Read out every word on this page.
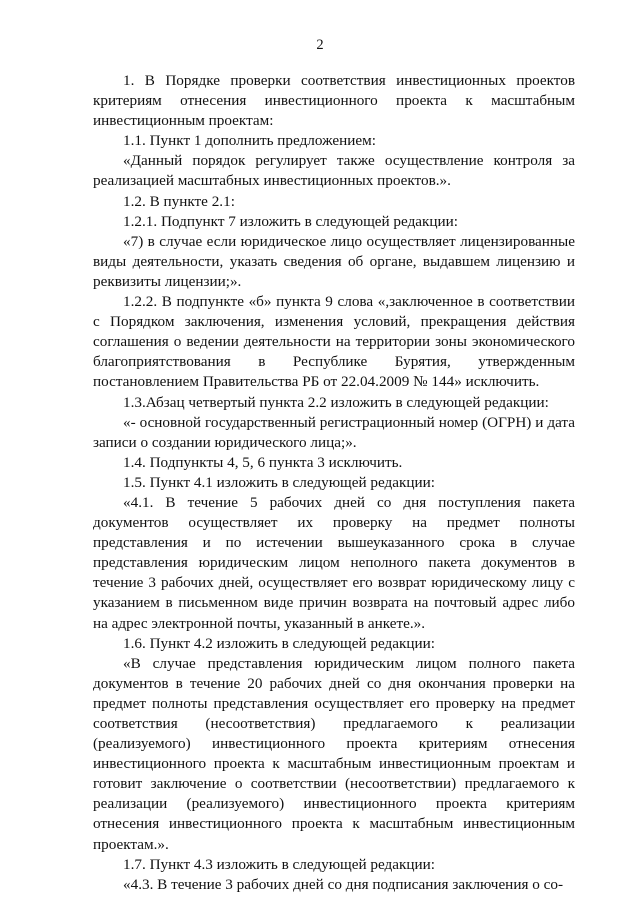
2

1. В Порядке проверки соответствия инвестиционных проектов критериям отнесения инвестиционного проекта к масштабным инвестиционным проектам:

1.1. Пункт 1 дополнить предложением:

«Данный порядок регулирует также осуществление контроля за реализацией масштабных инвестиционных проектов.».

1.2. В пункте 2.1:

1.2.1. Подпункт 7 изложить в следующей редакции:

«7) в случае если юридическое лицо осуществляет лицензированные виды деятельности, указать сведения об органе, выдавшем лицензию и реквизиты лицензии;».

1.2.2. В подпункте «б» пункта 9 слова «,заключенное в соответствии с Порядком заключения, изменения условий, прекращения действия соглашения о ведении деятельности на территории зоны экономического благоприятствования в Республике Бурятия, утвержденным постановлением Правительства РБ от 22.04.2009 № 144» исключить.

1.3.Абзац четвертый пункта 2.2 изложить в следующей редакции:

«- основной государственный регистрационный номер (ОГРН) и дата записи о создании юридического лица;».

1.4. Подпункты 4, 5, 6 пункта 3 исключить.

1.5. Пункт 4.1 изложить в следующей редакции:

«4.1. В течение 5 рабочих дней со дня поступления пакета документов осуществляет их проверку на предмет полноты представления и по истечении вышеуказанного срока в случае представления юридическим лицом неполного пакета документов в течение 3 рабочих дней, осуществляет его возврат юридическому лицу с указанием в письменном виде причин возврата на почтовый адрес либо на адрес электронной почты, указанный в анкете.».

1.6. Пункт 4.2 изложить в следующей редакции:

«В случае представления юридическим лицом полного пакета документов в течение 20 рабочих дней со дня окончания проверки на предмет полноты представления осуществляет его проверку на предмет соответствия (несоответствия) предлагаемого к реализации (реализуемого) инвестиционного проекта критериям отнесения инвестиционного проекта к масштабным инвестиционным проектам и готовит заключение о соответствии (несоответствии) предлагаемого к реализации (реализуемого) инвестиционного проекта критериям отнесения инвестиционного проекта к масштабным инвестиционным проектам.».

1.7. Пункт 4.3 изложить в следующей редакции:

«4.3. В течение 3 рабочих дней со дня подписания заключения о со-
